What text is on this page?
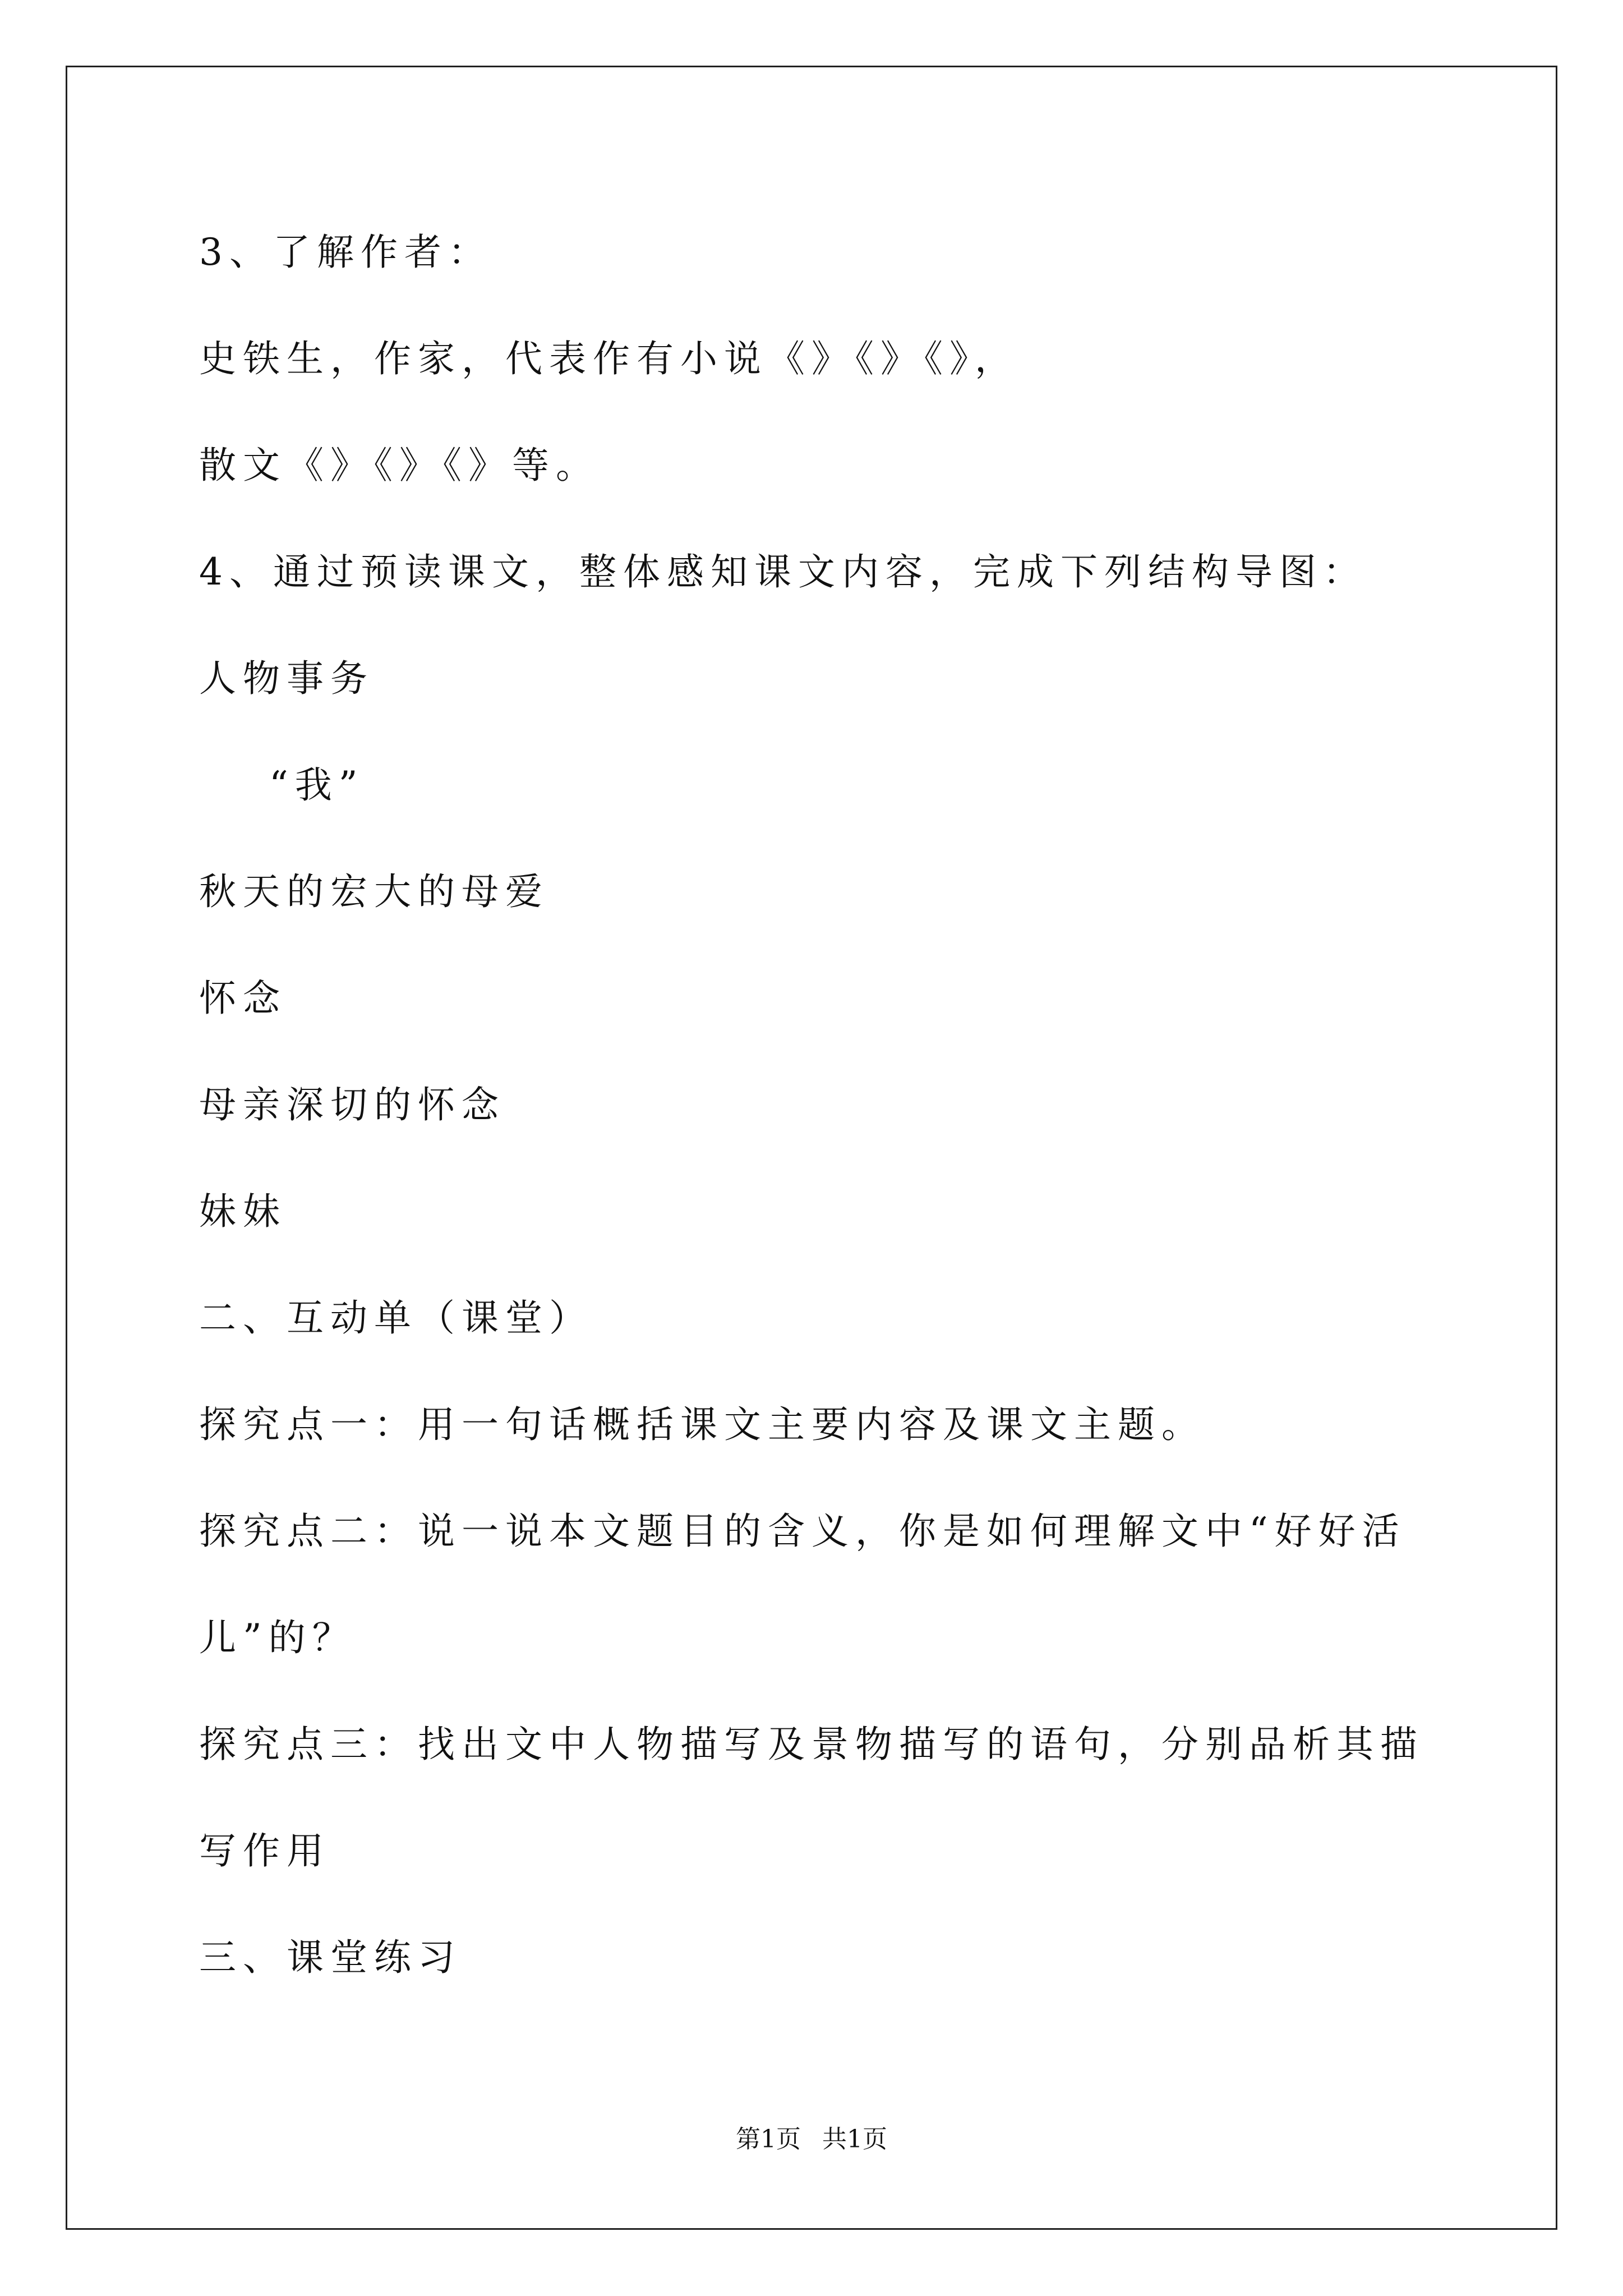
3、了解作者：
史铁生，作家，代表作有小说《》《》《》，
散文《》《》《》等。
4、通过预读课文，整体感知课文内容，完成下列结构导图：
人物事务
“我”
秋天的宏大的母爱
怀念
母亲深切的怀念
妹妹
二、互动单（课堂）
探究点一：用一句话概括课文主要内容及课文主题。
探究点二：说一说本文题目的含义，你是如何理解文中“好好活
儿”的？
探究点三：找出文中人物描写及景物描写的语句，分别品析其描
写作用
三、课堂练习
第1页 共1页
